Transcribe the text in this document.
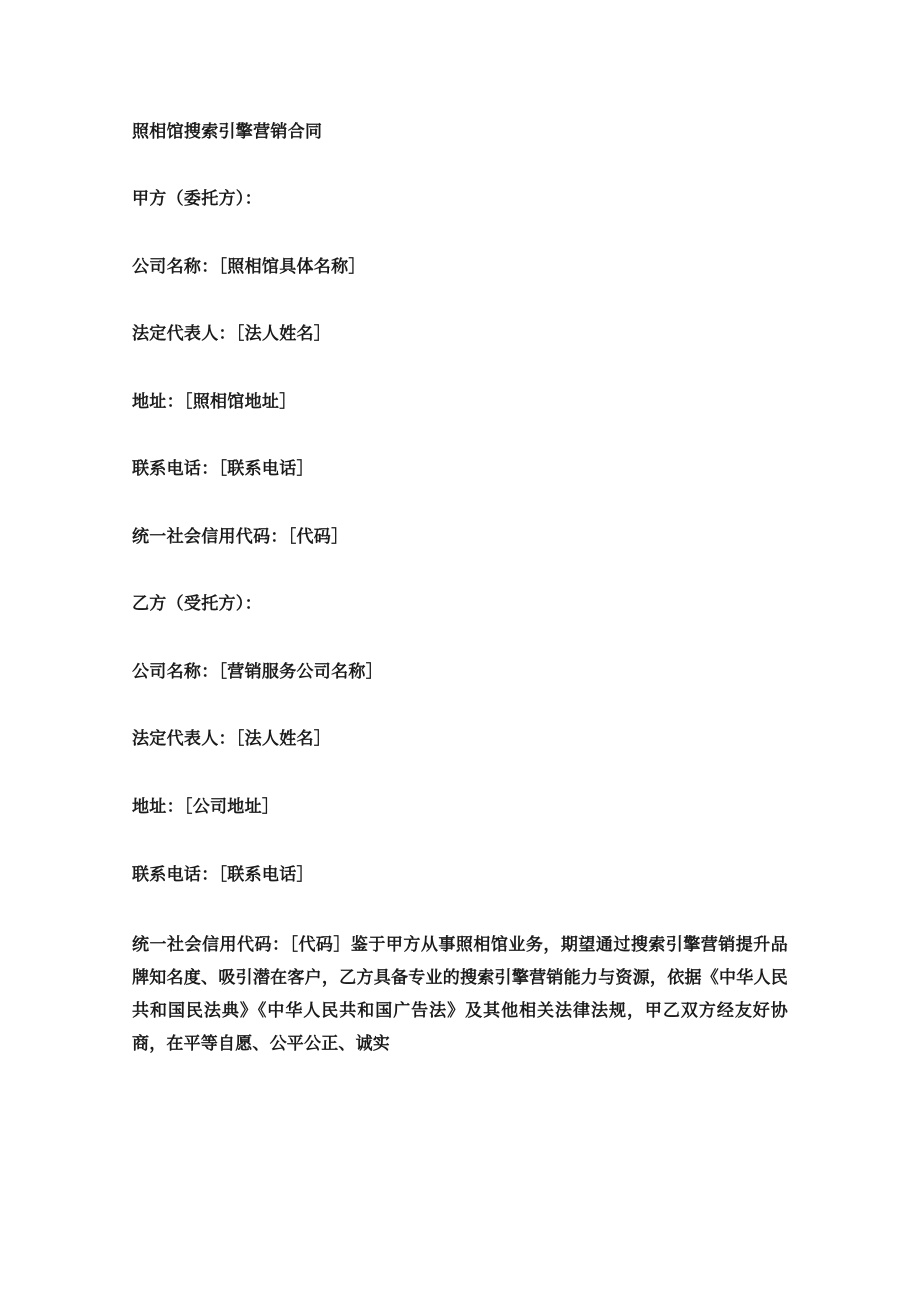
照相馆搜索引擎营销合同

甲方（委托方）：

公司名称：［照相馆具体名称］

法定代表人：［法人姓名］

地址：［照相馆地址］

联系电话：［联系电话］

统一社会信用代码：［代码］

乙方（受托方）：

公司名称：［营销服务公司名称］

法定代表人：［法人姓名］

地址：［公司地址］

联系电话：［联系电话］

统一社会信用代码：［代码］鉴于甲方从事照相馆业务，期望通过搜索引擎营销提升品牌知名度、吸引潜在客户，乙方具备专业的搜索引擎营销能力与资源，依据《中华人民共和国民法典》《中华人民共和国广告法》及其他相关法律法规，甲乙双方经友好协商，在平等自愿、公平公正、诚实
